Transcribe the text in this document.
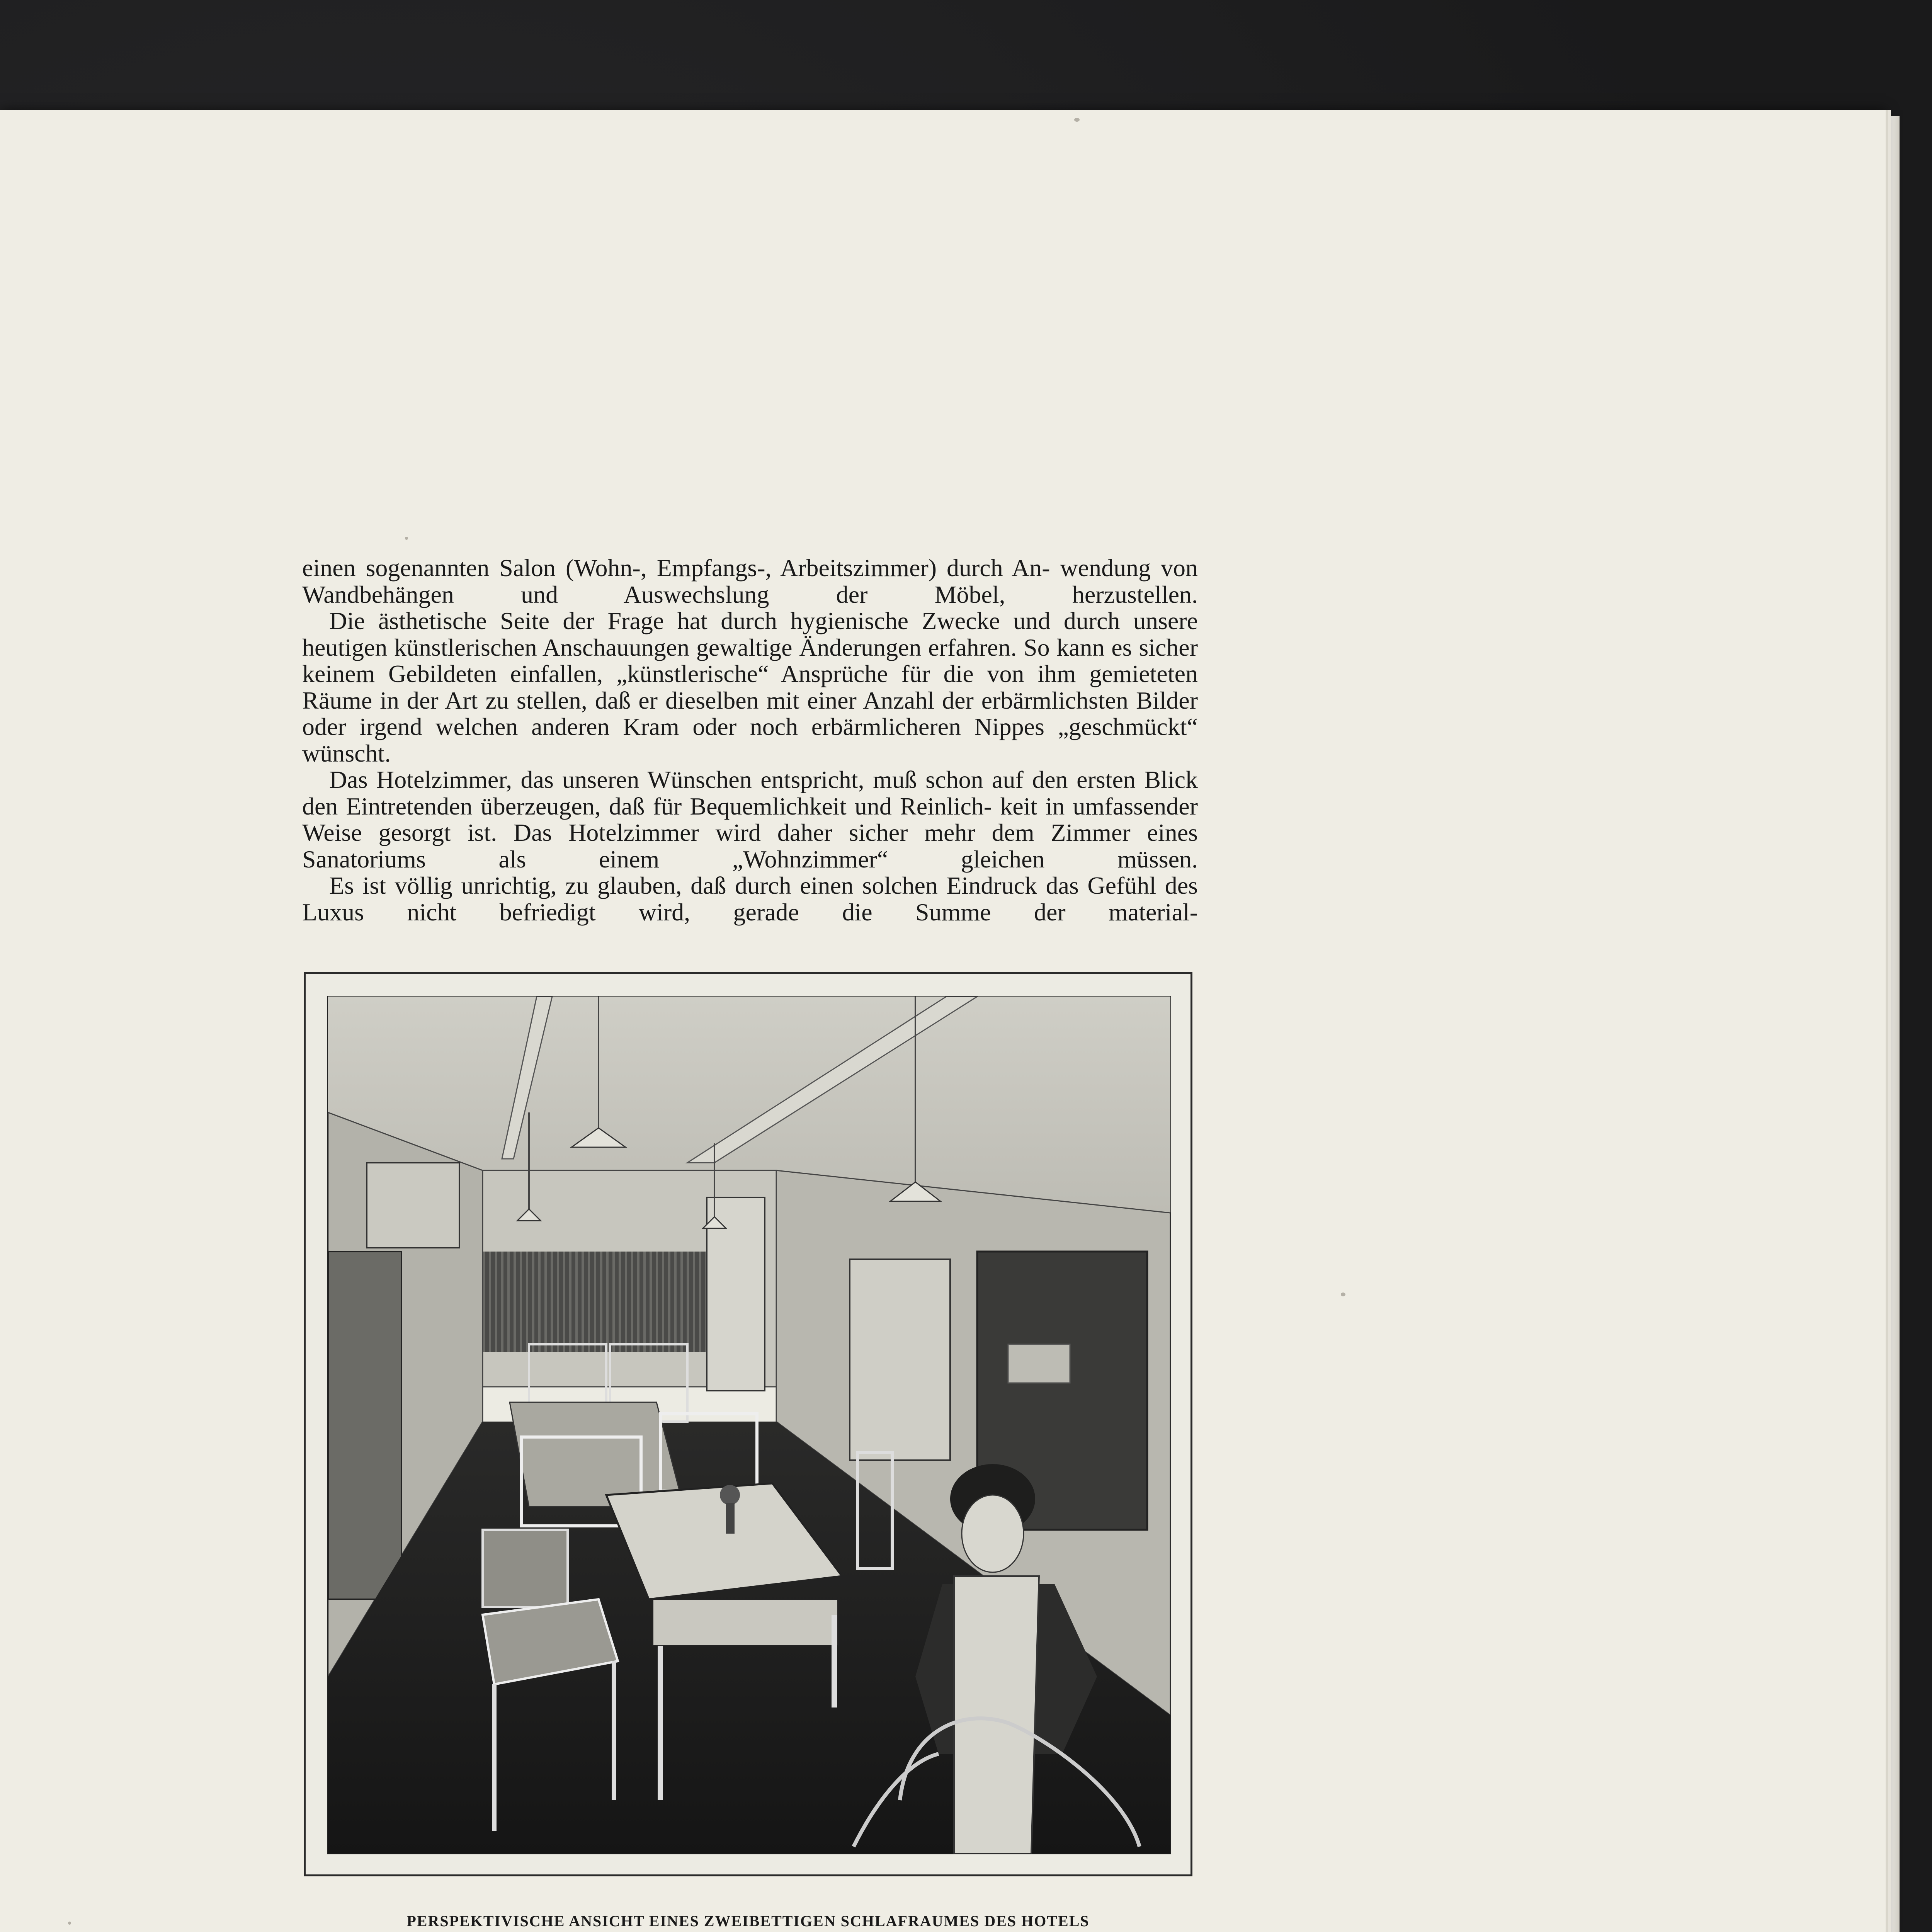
einen sogenannten Salon (Wohn‑, Empfangs‑, Arbeitszimmer) durch An‑ wendung von Wandbehängen und Auswechslung der Möbel, herzustellen.

Die ästhetische Seite der Frage hat durch hygienische Zwecke und durch unsere heutigen künstlerischen Anschauungen gewaltige Änderungen erfahren. So kann es sicher keinem Gebildeten einfallen, „künstlerische“ Ansprüche für die von ihm gemieteten Räume in der Art zu stellen, daß er dieselben mit einer Anzahl der erbärmlichsten Bilder oder irgend welchen anderen Kram oder noch erbärmlicheren Nippes „geschmückt“ wünscht.

Das Hotelzimmer, das unseren Wünschen entspricht, muß schon auf den ersten Blick den Eintretenden überzeugen, daß für Bequemlichkeit und Reinlich‑ keit in umfassender Weise gesorgt ist. Das Hotelzimmer wird daher sicher mehr dem Zimmer eines Sanatoriums als einem „Wohnzimmer“ gleichen müssen.

Es ist völlig unrichtig, zu glauben, daß durch einen solchen Eindruck das Gefühl des Luxus nicht befriedigt wird, gerade die Summe der material‑

PERSPEKTIVISCHE ANSICHT EINES ZWEIBETTIGEN SCHLAFRAUMES DES HOTELS
